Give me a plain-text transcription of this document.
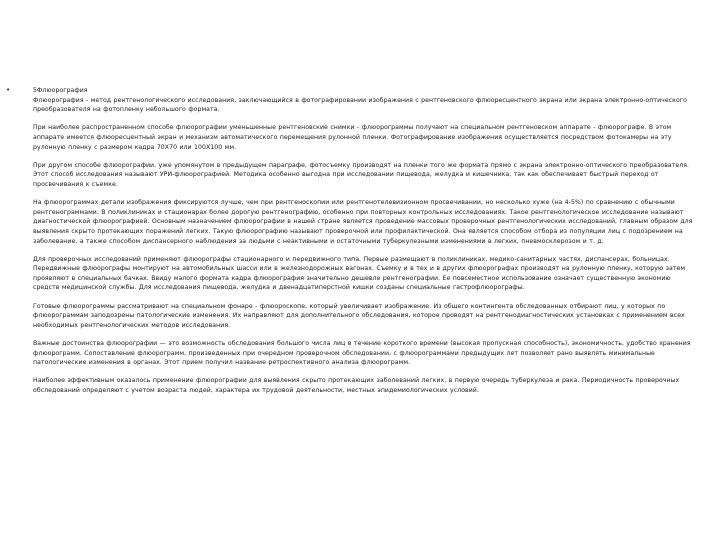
•	5Флюорография

Флюорография - метод рентгенологического исследования, заключающийся в фотографировании изображения с рентгеновского флюоресцентного экрана или экрана электронно-оптического преобразователя на фотопленку небольшого формата.

При наиболее распространенном способе флюорографии уменьшенные рентгеновские снимки - флюорограммы получают на специальном рентгеновском аппарате - флюорографе. В этом аппарате имеется флюоресцентный экран и механизм автоматического перемещения рулонной пленки. Фотографирование изображения осуществляется посредством фотокамеры на эту рулонную пленку с размером кадра 70Х70 или 100Х100 мм.

При другом способе флюорографии, уже упомянутом в предыдущем параграфе, фотосъемку производят на пленки того же формата прямо с экрана электронно-оптического преобразователя. Этот способ исследования называют УРИ-флюорографией. Методика особенно выгодна при исследовании пищевода, желудка и кишечника, так как обеспечивает быстрый переход от просвечивания к съемке.

На флюорограммах детали изображения фиксируются лучше, чем при рентгеноскопии или рентгенотелевизионном просвечивании, но несколько хуже (на 4-5%) по сравнению с обычными рентгенограммами. В поликлиниках и стационарах более дорогую рентгенографию, особенно при повторных контрольных исследованиях. Такое рентгенологическое исследование называют диагностической флюорографией. Основным назначением флюорографии в нашей стране является проведение массовых проверочных рентгенологических исследований, главным образом для выявления скрыто протекающих поражений легких. Такую флюорографию называют проверочной или профилактической. Она является способом отбора из популяции лиц с подозрением на заболевание, а также способом диспансерного наблюдения за людьми с неактивными и остаточными туберкулезными изменениями в легких, пневмосклерозом и т. д.

Для проверочных исследований применяют флюорографы стационарного и передвижного типа. Первые размещают в поликлиниках, медико-санитарных частях, диспансерах, больницах. Передвижные флюорографы монтируют на автомобильных шасси или в железнодорожных вагонах. Съемку и в тех и в других флюорографах производят на рулонную пленку, которую затем проявляют в специальных бачках. Ввиду малого формата кадра флюорография значительно дешевле рентгенографии. Ее повсеместное использование означает существенную экономию средств медицинской службы. Для исследования пищевода, желудка и двенадцатиперстной кишки созданы специальные гастрофлюорографы.

Готовые флюорограммы рассматривают на специальном фонаре - флюороскопе, который увеличивает изображение. Из общего контингента обследованных отбирают лиц, у которых по флюорограммам заподозрены патологические изменения. Их направляют для дополнительного обследования, которое проводят на рентгенодиагностических установках с применением всех необходимых рентгенологических методов исследования.

Важные достоинства флюорографии — это возможность обследования большого числа лиц в течение короткого времени (высокая пропускная способность), экономичность, удобство хранения флюорограмм. Сопоставление флюорограмм, произведенных при очередном проверочном обследовании, с флюорограммами предыдущих лет позволяет рано выявлять минимальные патологические изменения в органах. Этот прием получил название ретроспективного анализа флюорограмм.

Наиболее эффективным оказалось применение флюорографии для выявления скрыто протекающих заболеваний легких, в первую очередь туберкулеза и рака. Периодичность проверочных обследований определяют с учетом возраста людей, характера их трудовой деятельности, местных эпидемиологических условий.
